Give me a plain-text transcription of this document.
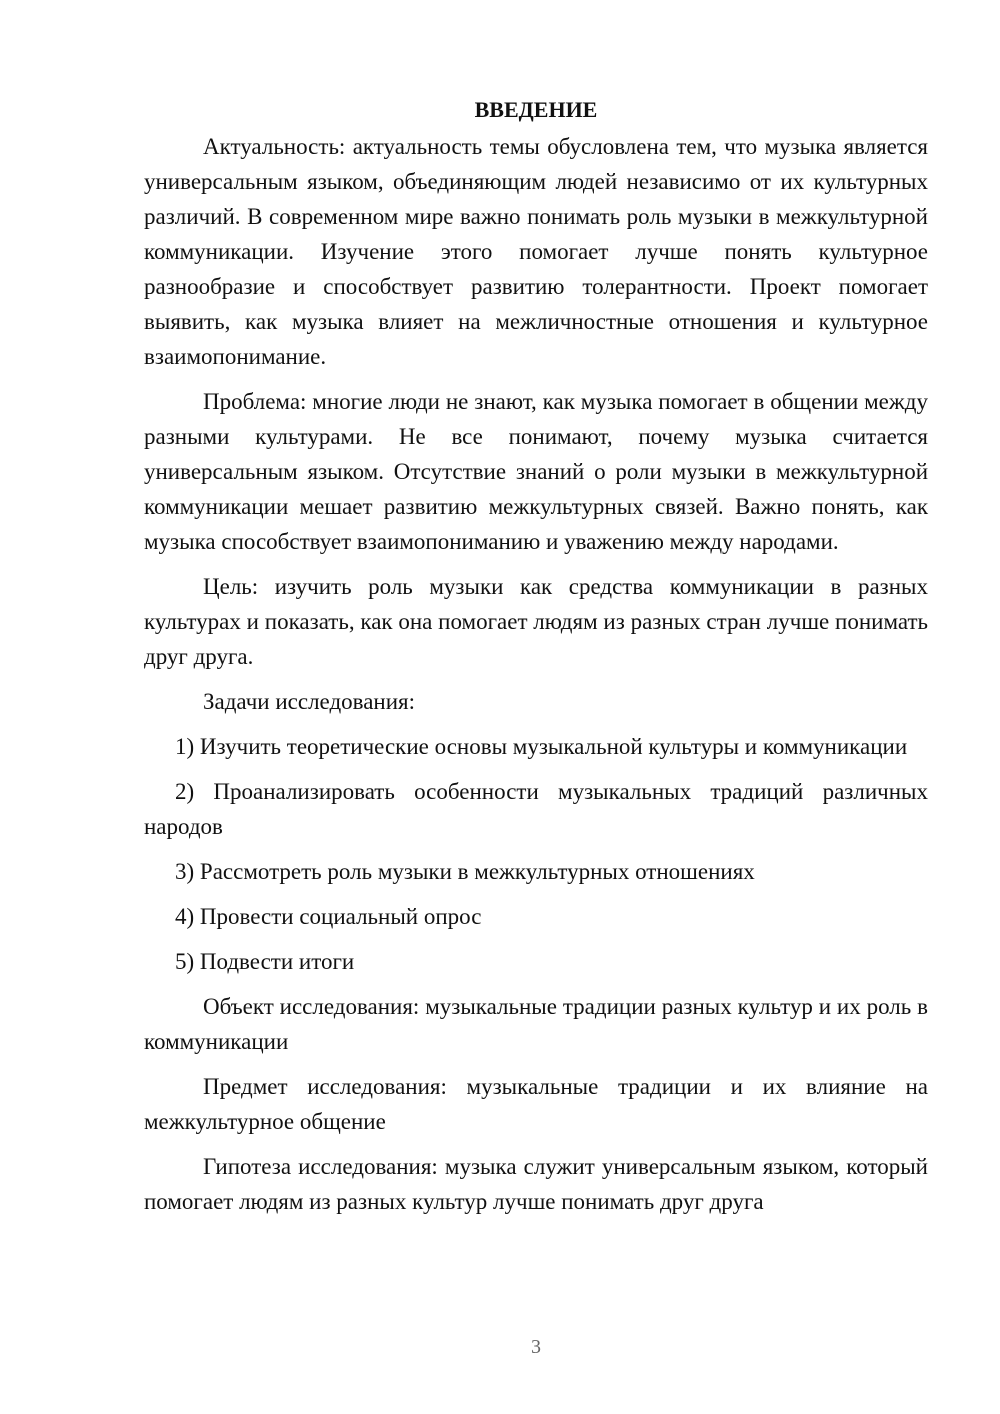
ВВЕДЕНИЕ

Актуальность: актуальность темы обусловлена тем, что музыка является универсальным языком, объединяющим людей независимо от их культурных различий. В современном мире важно понимать роль музыки в межкультурной коммуникации. Изучение этого помогает лучше понять культурное разнообразие и способствует развитию толерантности. Проект помогает выявить, как музыка влияет на межличностные отношения и культурное взаимопонимание.

Проблема: многие люди не знают, как музыка помогает в общении между разными культурами. Не все понимают, почему музыка считается универсальным языком. Отсутствие знаний о роли музыки в межкультурной коммуникации мешает развитию межкультурных связей. Важно понять, как музыка способствует взаимопониманию и уважению между народами.

Цель: изучить роль музыки как средства коммуникации в разных культурах и показать, как она помогает людям из разных стран лучше понимать друг друга.

Задачи исследования:

1) Изучить теоретические основы музыкальной культуры и коммуникации

2) Проанализировать особенности музыкальных традиций различных народов

3) Рассмотреть роль музыки в межкультурных отношениях

4) Провести социальный опрос

5) Подвести итоги

Объект исследования: музыкальные традиции разных культур и их роль в коммуникации

Предмет исследования: музыкальные традиции и их влияние на межкультурное общение

Гипотеза исследования: музыка служит универсальным языком, который помогает людям из разных культур лучше понимать друг друга

3
